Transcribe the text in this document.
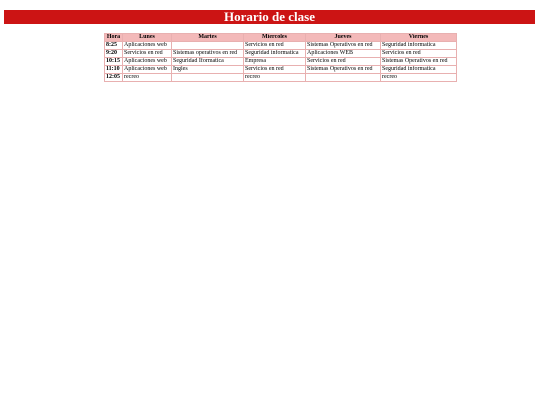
Horario de clase
Hora	Lunes	Martes	Miercoles	Jueves	Viernes
8:25	Aplicaciones web		Servicios en red	Sistemas Operativos en red	Seguridad informatica
9:20	Servicios en red	Sistemas operativos en red	Seguridad informatica	Aplicaciones WEB	Servicios en red
10:15	Aplicaciones web	Seguridad Iformatica	Empresa	Servicios en red	Sistemas Operativos en red
11:10	Aplicaciones web	Ingles	Servicios en red	Sistemas Operativos en red	Seguridad informatica
12:05	recreo		recreo		recreo
